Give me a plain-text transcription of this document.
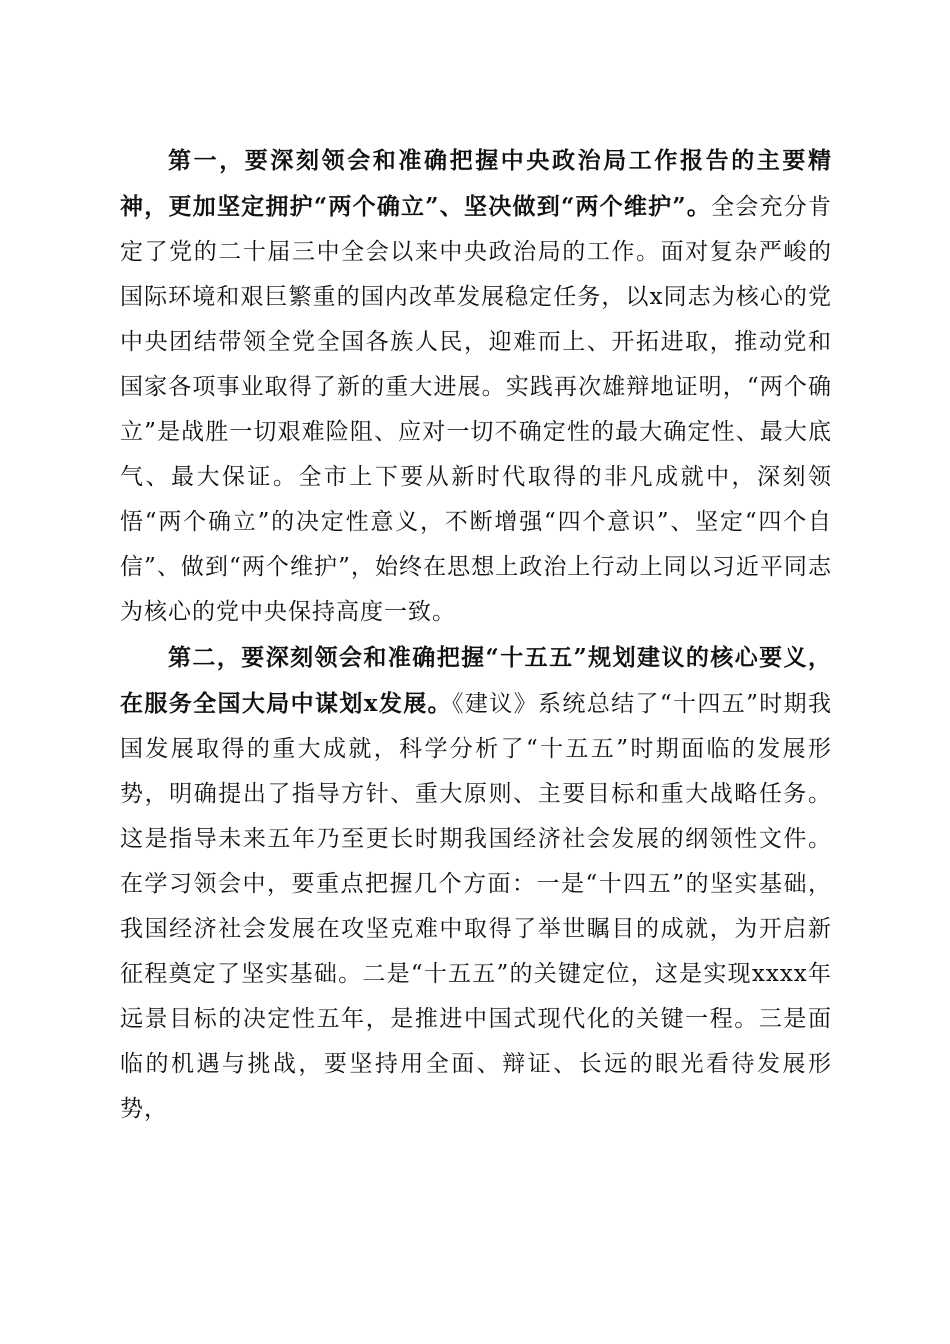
第一，要深刻领会和准确把握中央政治局工作报告的主要精神，更加坚定拥护“两个确立”、坚决做到“两个维护”。全会充分肯定了党的二十届三中全会以来中央政治局的工作。面对复杂严峻的国际环境和艰巨繁重的国内改革发展稳定任务，以x同志为核心的党中央团结带领全党全国各族人民，迎难而上、开拓进取，推动党和国家各项事业取得了新的重大进展。实践再次雄辩地证明，“两个确立”是战胜一切艰难险阻、应对一切不确定性的最大确定性、最大底气、最大保证。全市上下要从新时代取得的非凡成就中，深刻领悟“两个确立”的决定性意义，不断增强“四个意识”、坚定“四个自信”、做到“两个维护”，始终在思想上政治上行动上同以习近平同志为核心的党中央保持高度一致。

第二，要深刻领会和准确把握“十五五”规划建议的核心要义，在服务全国大局中谋划x发展。《建议》系统总结了“十四五”时期我国发展取得的重大成就，科学分析了“十五五”时期面临的发展形势，明确提出了指导方针、重大原则、主要目标和重大战略任务。这是指导未来五年乃至更长时期我国经济社会发展的纲领性文件。在学习领会中，要重点把握几个方面：一是“十四五”的坚实基础，我国经济社会发展在攻坚克难中取得了举世瞩目的成就，为开启新征程奠定了坚实基础。二是“十五五”的关键定位，这是实现xxxx年远景目标的决定性五年，是推进中国式现代化的关键一程。三是面临的机遇与挑战，要坚持用全面、辩证、长远的眼光看待发展形势，
